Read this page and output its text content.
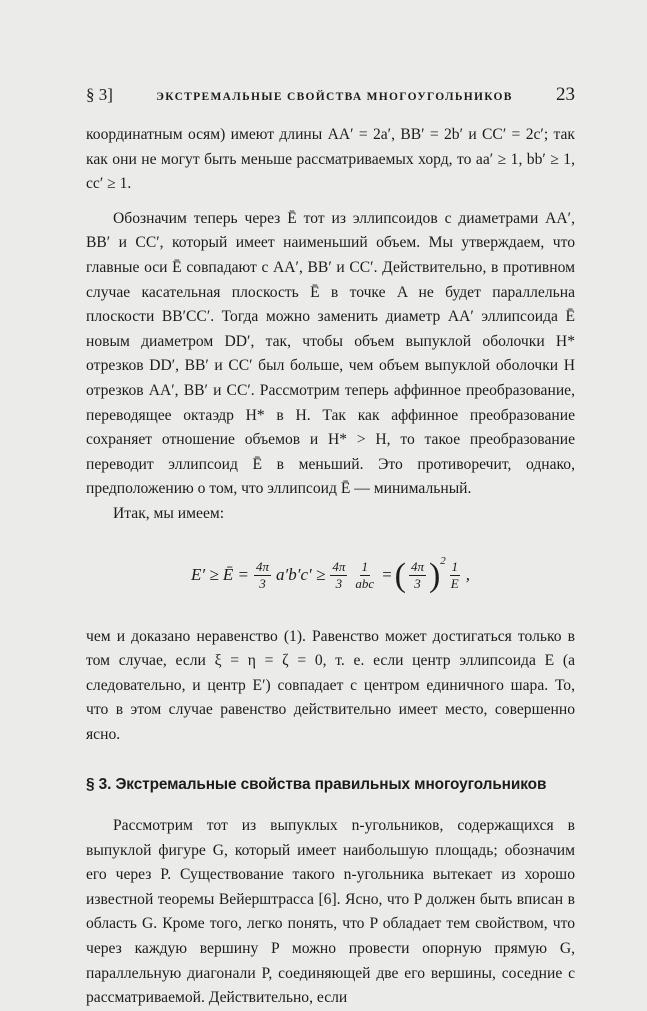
§ 3]	ЭКСТРЕМАЛЬНЫЕ СВОЙСТВА МНОГОУГОЛЬНИКОВ 23

координатным осям) имеют длины AA′ = 2a′, BB′ = 2b′ и CC′ = 2c′; так как они не могут быть меньше рассматриваемых хорд, то aa′ ≥ 1, bb′ ≥ 1, cc′ ≥ 1.

Обозначим теперь через Ē тот из эллипсоидов с диаметрами AA′, BB′ и CC′, который имеет наименьший объем. Мы утверждаем, что главные оси Ē совпадают с AA′, BB′ и CC′. Действительно, в противном случае касательная плоскость Ē в точке A не будет параллельна плоскости BB′CC′. Тогда можно заменить диаметр AA′ эллипсоида Ē новым диаметром DD′, так, чтобы объем выпуклой оболочки H* отрезков DD′, BB′ и CC′ был больше, чем объем выпуклой оболочки H отрезков AA′, BB′ и CC′. Рассмотрим теперь аффинное преобразование, переводящее октаэдр H* в H. Так как аффинное преобразование сохраняет отношение объемов и H* > H, то такое преобразование переводит эллипсоид Ē в меньший. Это противоречит, однако, предположению о том, что эллипсоид Ē — минимальный.

Итак, мы имеем:

E′ ≥ Ē = $\frac{4\pi}{3} a'b'c' \ge \frac{4\pi}{3} \frac{1}{\text{abc}}$ = ( $\frac{4\pi}{3}$ ) $2 \frac{1}{E}$ ,

чем и доказано неравенство (1). Равенство может достигаться только в том случае, если ξ = η = ζ = 0, т. е. если центр эллипсоида E (а следовательно, и центр E′) совпадает с центром единичного шара. То, что в этом случае равенство действительно имеет место, совершенно ясно.

§ 3. Экстремальные свойства правильных многоугольников

Рассмотрим тот из выпуклых n-угольников, содержащихся в выпуклой фигуре G, который имеет наибольшую площадь; обозначим его через P. Существование такого n-угольника вытекает из хорошо известной теоремы Вейерштрасса [6]. Ясно, что P должен быть вписан в область G. Кроме того, легко понять, что P обладает тем свойством, что через каждую вершину P можно провести опорную прямую G, параллельную диагонали P, соединяющей две его вершины, соседние с рассматриваемой. Действительно, если
